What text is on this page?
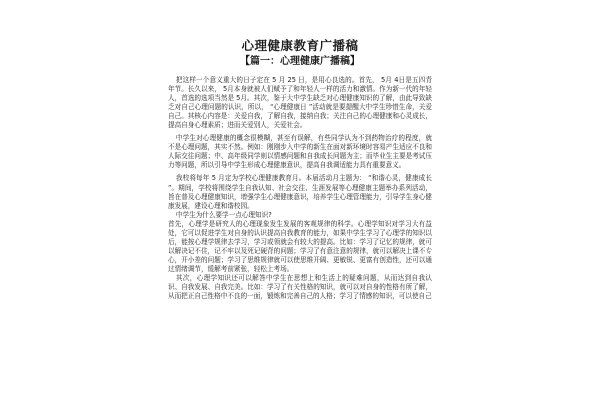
心理健康教育广播稿
【篇一：心理健康广播稿】

把这样一个意义重大的日子定在 5 月 25 日，是用心良选的。首先， 5月 4日是五四青年节。长久以来， 5月本身就被人们赋予了和年轻人一样的活力和激情。作为新一代的年轻人，首选的选项当然是 5月。其次，鉴于大中学生缺乏对心理健康知识的了解，由此导致缺乏对自己心理问题的认识，所以， “心理健康日 ”活动就是要提醒大中学生珍惜生命，关爱自己。其核心内容是：关爱自我，了解自我，接纳自我；关注自己的心理健康和心灵成长，提高自身心理素质；进而关爱别人，关爱社会。

中学生对心理健康的概念很模糊，甚至有误解，有些同学认为不到药物治疗的程度，就不是心理问题，其实不然。例如：刚刚步入中学的新生在面对新环境时容易产生适应不良和人际交往问题；中、高年级同学则以情感问题和自我成长问题为主；而毕业生主要是考试压力等问题，所以引导中学生形成心理健康意识，提高自我调适能力具有重要意义。

我校将每年 5 月定为学校心理健康教育月。本届活动月主题为： “和谐心灵，健康成长 ”。期间，学校将围绕学生自我认知、社会交往、生涯发展等心理健康主题举办系列活动，旨在普及心理健康知识，增强学生心理健康意识，培养学生心理管理能力，引导学生身心健康发展，建设心理和谐校园。

中学生为什么要学一点心理知识?

首先，心理学是研究人的心理现象发生发展的客观规律的科学。心理学知识对学习大有益处，它可以促进学生对自身的认识提高自我教育的能力，如果中学生学习了心理学的知识以后，能按心理学规律去学习，学习或领就会有较大的提高。比如：学习了记忆的规律，就可以解决记不住，记不牢以及死记硬背的问题；学习了有意注意的规律，就可以解决上课不专心，开小差的问题；学习了思维规律就可以使思维开阔、更敏锐、更富有创造性，还可以通过情绪调节，缓解考前紧张，轻松上考场。

其次，心理学知识还可以解答中学生在思想上和生活上的疑难问题，从而达到自我认识、自我发展、自我完美。比如：学习了有关性格的知识，就可以对自身的性格有所了解，从而把正自己性格中不良的一面，锻炼和完善自己的人格；学习了情感的知识，可以使自己
